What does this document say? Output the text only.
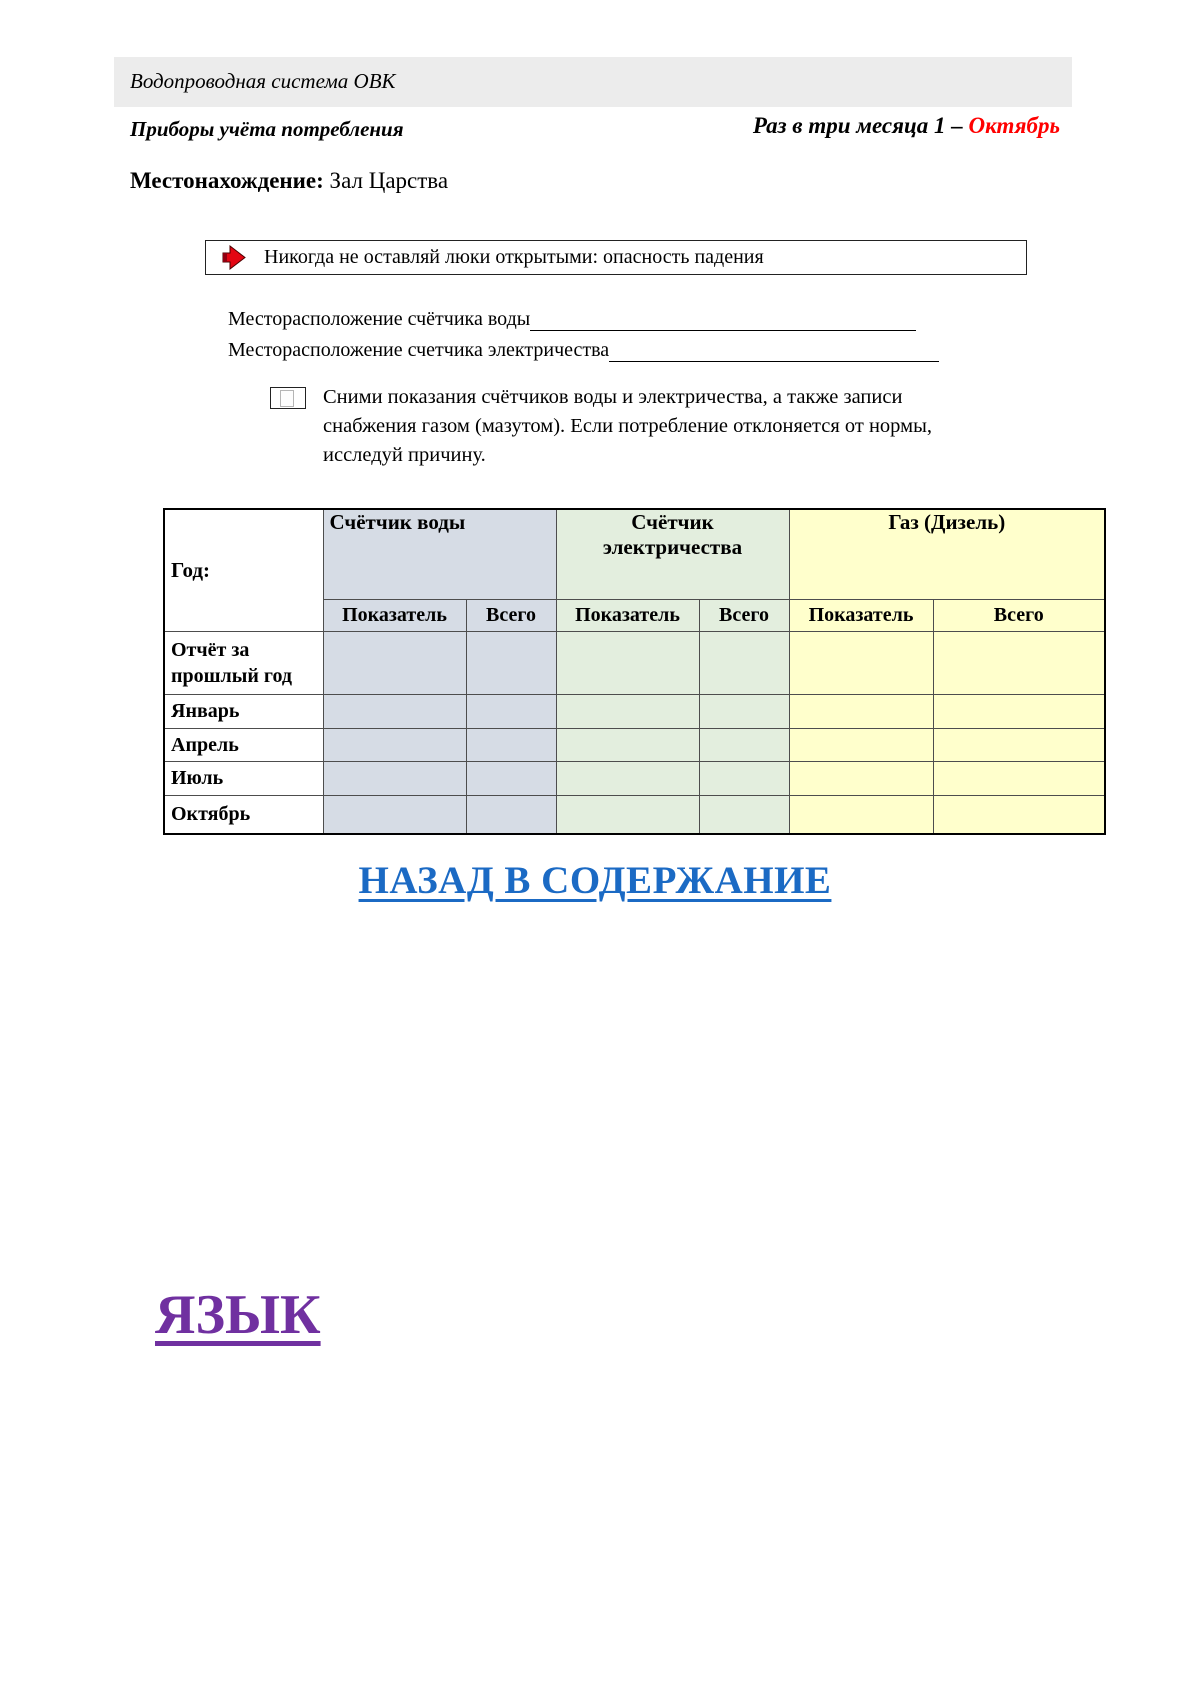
Водопроводная система ОВК
Приборы учёта потребления	Раз в три месяца 1 – Октябрь
Местонахождение: Зал Царства
Никогда не оставляй люки открытыми: опасность падения
Месторасположение счётчика воды
Месторасположение счетчика электричества
Сними показания счётчиков воды и электричества, а также записи снабжения газом (мазутом). Если потребление отклоняется от нормы, исследуй причину.
Год:	Счётчик воды		Счётчик электричества		Газ (Дизель)	
	Показатель	Всего	Показатель	Всего	Показатель	Всего
Отчёт за прошлый год						
Январь						
Апрель						
Июль						
Октябрь						
НАЗАД В СОДЕРЖАНИЕ
ЯЗЫК
